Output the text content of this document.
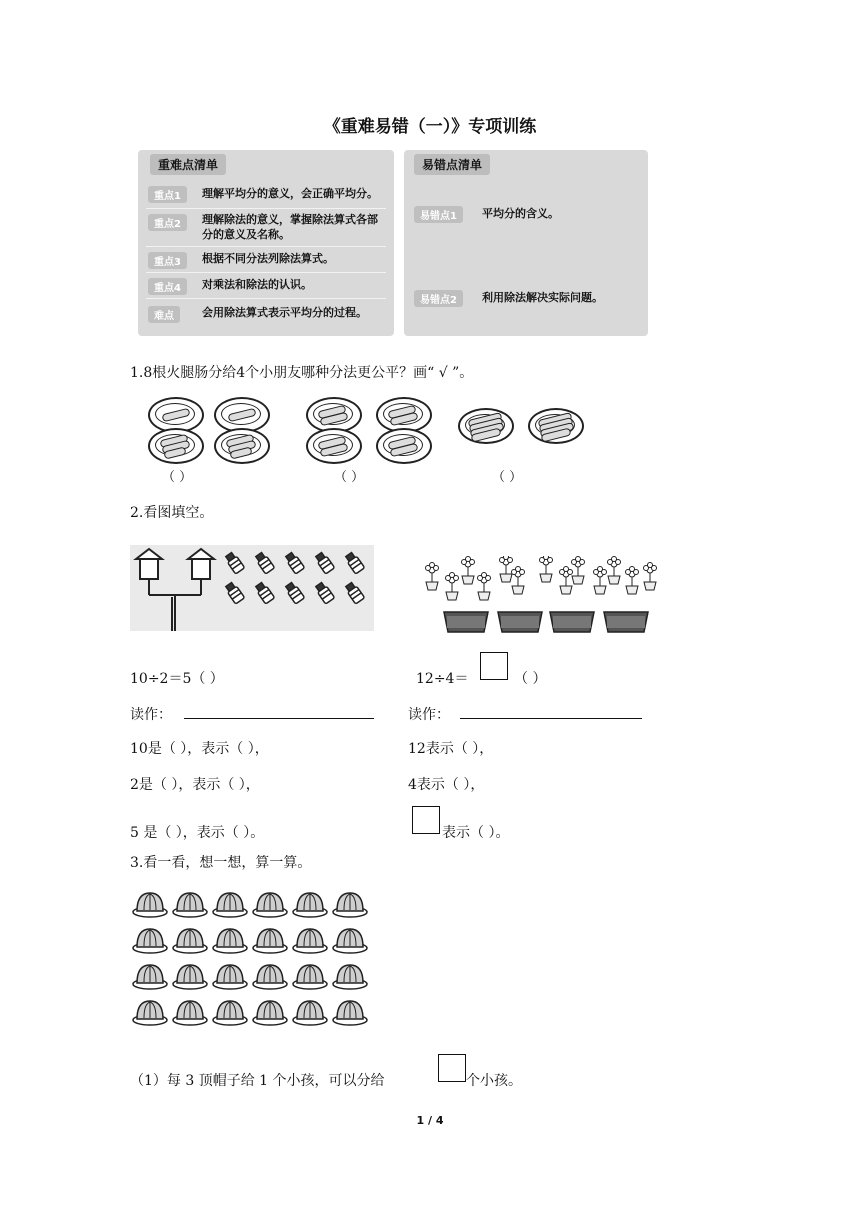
《重难易错（一）》专项训练
重难点清单
重点1	理解平均分的意义，会正确平均分。
重点2	理解除法的意义，掌握除法算式各部分的意义及名称。
重点3	根据不同分法列除法算式。
重点4	对乘法和除法的认识。
难点	会用除法算式表示平均分的过程。
易错点清单
易错点1	平均分的含义。
易错点2	利用除法解决实际问题。
1.8根火腿肠分给4个小朋友哪种分法更公平？画“ √ ”。
（ ）	（ ）	（ ）
2.看图填空。
10÷2＝5（ ）
读作：
10是（ ），表示（ ），
2是（ ），表示（ ），
5 是（ ），表示（ ）。
12÷4＝	（ ）
读作：
12表示（ ），
4表示（ ），
表示（ ）。
3.看一看，想一想，算一算。
（1）每 3 顶帽子给 1 个小孩，可以分给	个小孩。
1 / 4
